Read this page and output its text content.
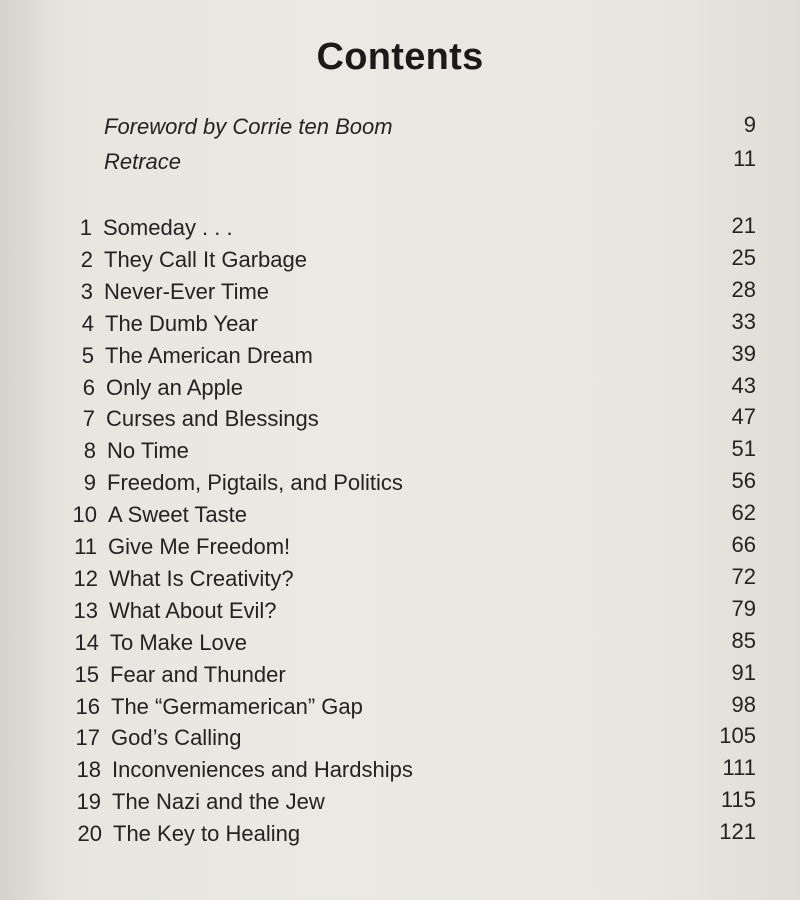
Contents
Foreword by Corrie ten Boom	9
Retrace	11
1 Someday . . .	21
2 They Call It Garbage	25
3 Never-Ever Time	28
4 The Dumb Year	33
5 The American Dream	39
6 Only an Apple	43
7 Curses and Blessings	47
8 No Time	51
9 Freedom, Pigtails, and Politics	56
10 A Sweet Taste	62
11 Give Me Freedom!	66
12 What Is Creativity?	72
13 What About Evil?	79
14 To Make Love	85
15 Fear and Thunder	91
16 The “Germamerican” Gap	98
17 God’s Calling	105
18 Inconveniences and Hardships	111
19 The Nazi and the Jew	115
20 The Key to Healing	121
